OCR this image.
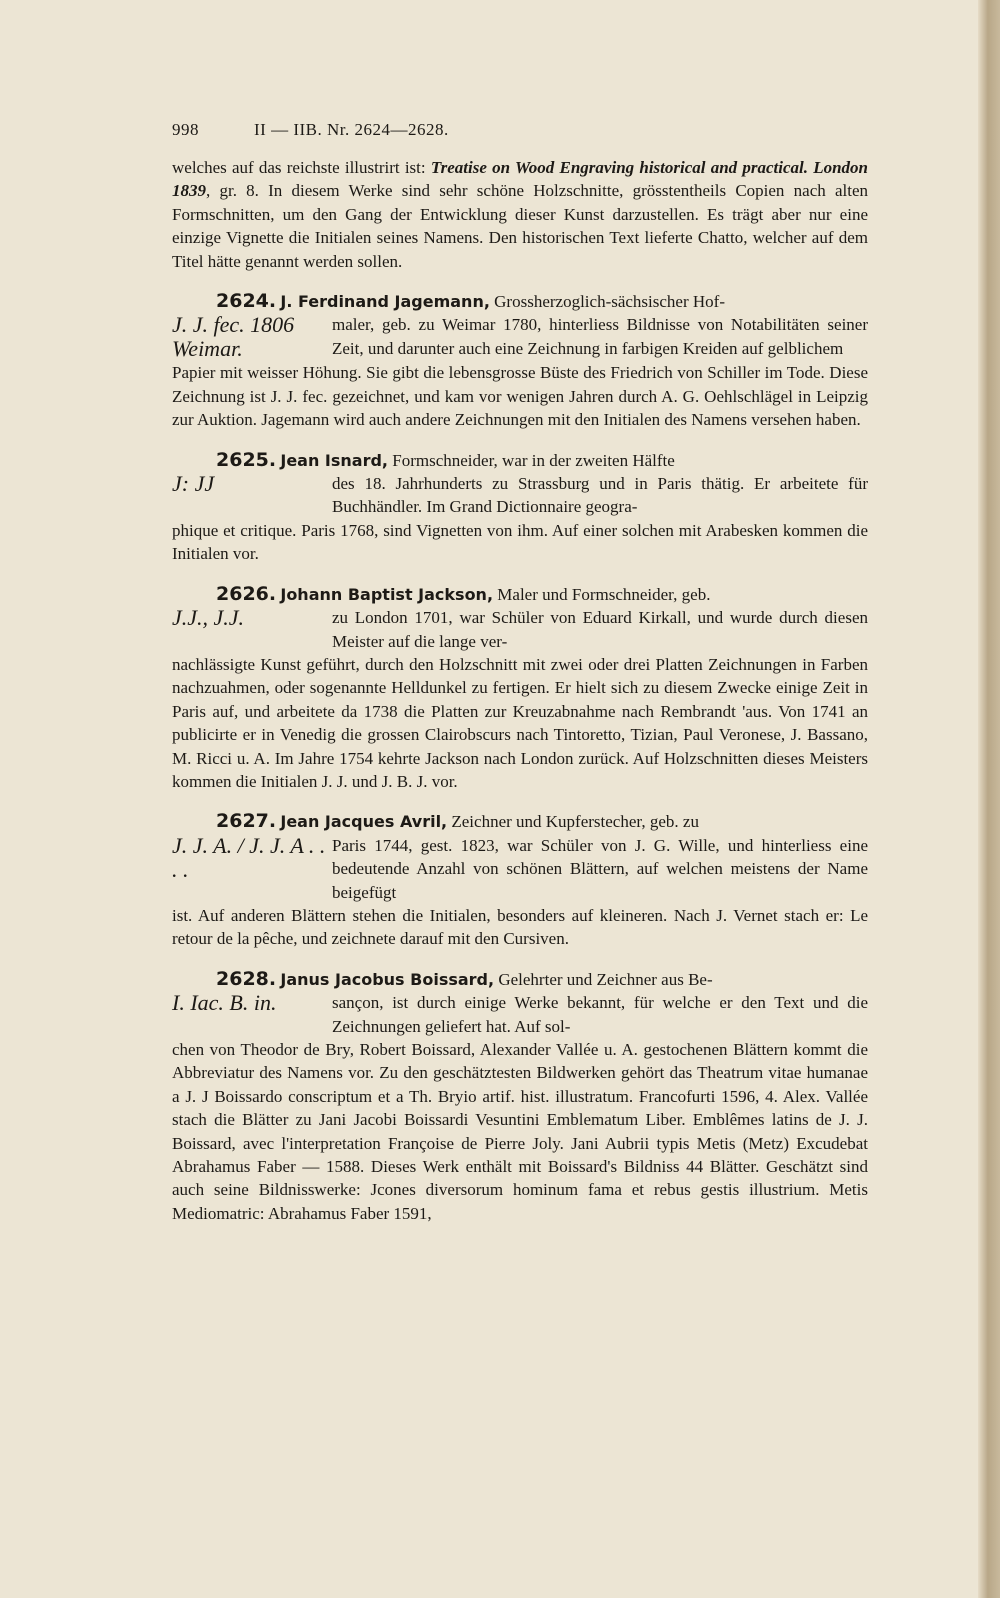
998	II — IIB. Nr. 2624—2628.

welches auf das reichste illustrirt ist: Treatise on Wood Engraving historical and practical. London 1839, gr. 8. In diesem Werke sind sehr schöne Holzschnitte, grösstentheils Copien nach alten Formschnitten, um den Gang der Entwicklung dieser Kunst darzustellen. Es trägt aber nur eine einzige Vignette die Initialen seines Namens. Den historischen Text lieferte Chatto, welcher auf dem Titel hätte genannt werden sollen.

2624. J. Ferdinand Jagemann, Grossherzoglich-sächsischer Hof-

J. J. fec. 1806 Weimar.

maler, geb. zu Weimar 1780, hinterliess Bildnisse von Notabilitäten seiner Zeit, und darunter auch eine Zeichnung in farbigen Kreiden auf gelblichem

Papier mit weisser Höhung. Sie gibt die lebensgrosse Büste des Friedrich von Schiller im Tode. Diese Zeichnung ist J. J. fec. gezeichnet, und kam vor wenigen Jahren durch A. G. Oehlschlägel in Leipzig zur Auktion. Jagemann wird auch andere Zeichnungen mit den Initialen des Namens versehen haben.

2625. Jean Isnard, Formschneider, war in der zweiten Hälfte

J: JJ	des 18. Jahrhunderts zu Strassburg und in Paris thätig. Er arbeitete für Buchhändler. Im Grand Dictionnaire geogra-

phique et critique. Paris 1768, sind Vignetten von ihm. Auf einer solchen mit Arabesken kommen die Initialen vor.

2626. Johann Baptist Jackson, Maler und Formschneider, geb.

J.J., J.J.	zu London 1701, war Schüler von Eduard Kirkall, und wurde durch diesen Meister auf die lange ver-

nachlässigte Kunst geführt, durch den Holzschnitt mit zwei oder drei Platten Zeichnungen in Farben nachzuahmen, oder sogenannte Helldunkel zu fertigen. Er hielt sich zu diesem Zwecke einige Zeit in Paris auf, und arbeitete da 1738 die Platten zur Kreuzabnahme nach Rembrandt 'aus. Von 1741 an publicirte er in Venedig die grossen Clairobscurs nach Tintoretto, Tizian, Paul Veronese, J. Bassano, M. Ricci u. A. Im Jahre 1754 kehrte Jackson nach London zurück. Auf Holzschnitten dieses Meisters kommen die Initialen J. J. und J. B. J. vor.

2627. Jean Jacques Avril, Zeichner und Kupferstecher, geb. zu

J. J. A. / J. J. A . . . .

Paris 1744, gest. 1823, war Schüler von J. G. Wille, und hinterliess eine bedeutende Anzahl von schönen Blättern, auf welchen meistens der Name beigefügt

ist. Auf anderen Blättern stehen die Initialen, besonders auf kleineren. Nach J. Vernet stach er: Le retour de la pêche, und zeichnete darauf mit den Cursiven.

2628. Janus Jacobus Boissard, Gelehrter und Zeichner aus Be-

I. Iac. B. in.	sançon, ist durch einige Werke bekannt, für welche er den Text und die Zeichnungen geliefert hat. Auf sol-

chen von Theodor de Bry, Robert Boissard, Alexander Vallée u. A. gestochenen Blättern kommt die Abbreviatur des Namens vor. Zu den geschätztesten Bildwerken gehört das Theatrum vitae humanae a J. J Boissardo conscriptum et a Th. Bryio artif. hist. illustratum. Francofurti 1596, 4. Alex. Vallée stach die Blätter zu Jani Jacobi Boissardi Vesuntini Emblematum Liber. Emblêmes latins de J. J. Boissard, avec l'interpretation Françoise de Pierre Joly. Jani Aubrii typis Metis (Metz) Excudebat Abrahamus Faber — 1588. Dieses Werk enthält mit Boissard's Bildniss 44 Blätter. Geschätzt sind auch seine Bildnisswerke: Jcones diversorum hominum fama et rebus gestis illustrium. Metis Mediomatric: Abrahamus Faber 1591,
